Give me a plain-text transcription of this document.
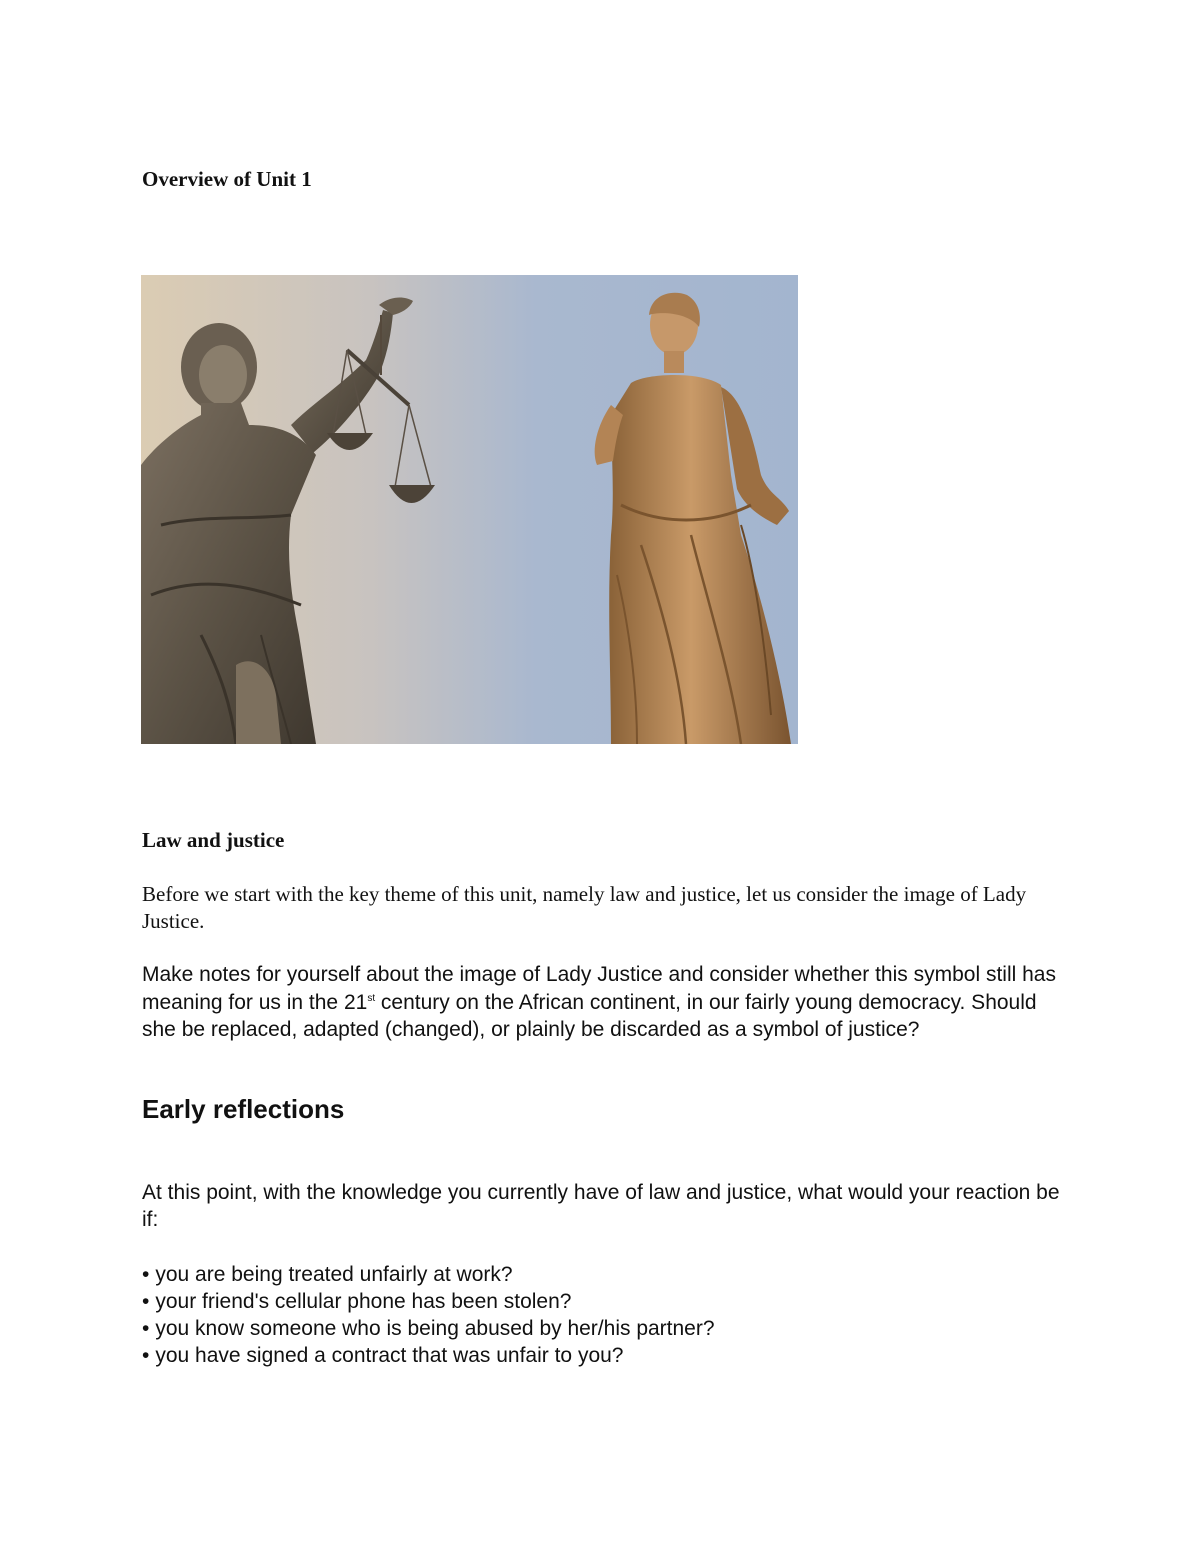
Overview of Unit 1
Law and justice

Before we start with the key theme of this unit, namely law and justice, let us consider the image of Lady Justice.

Make notes for yourself about the image of Lady Justice and consider whether this symbol still has meaning for us in the 21st century on the African continent, in our fairly young democracy. Should she be replaced, adapted (changed), or plainly be discarded as a symbol of justice?

Early reflections

At this point, with the knowledge you currently have of law and justice, what would your reaction be if:

• you are being treated unfairly at work?
• your friend's cellular phone has been stolen?
• you know someone who is being abused by her/his partner?
• you have signed a contract that was unfair to you?
